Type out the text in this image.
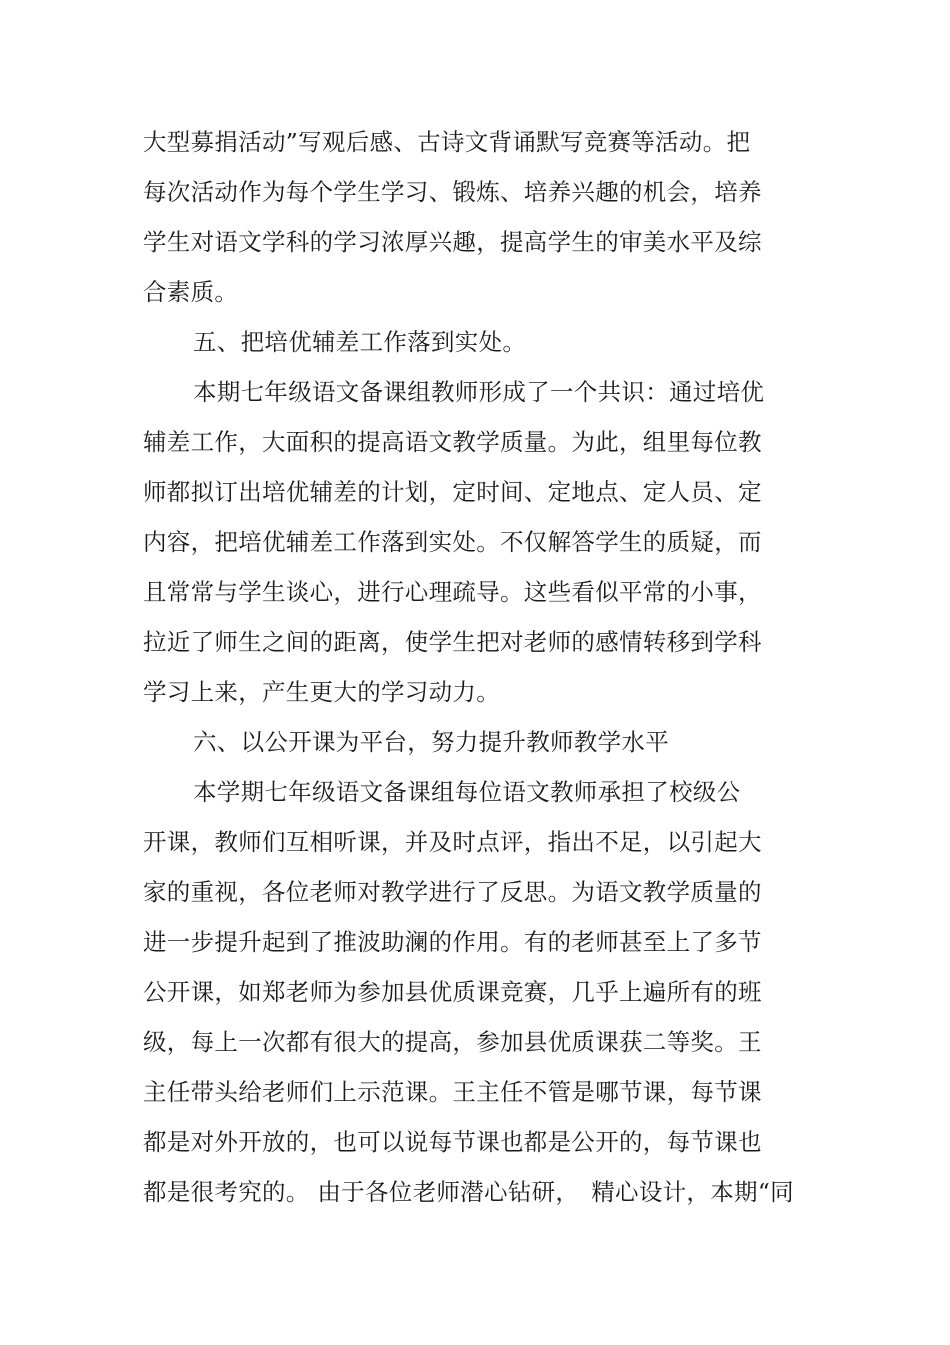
大型募捐活动”写观后感、古诗文背诵默写竞赛等活动。把
每次活动作为每个学生学习、锻炼、培养兴趣的机会，培养
学生对语文学科的学习浓厚兴趣，提高学生的审美水平及综
合素质。
五、把培优辅差工作落到实处。
本期七年级语文备课组教师形成了一个共识：通过培优
辅差工作，大面积的提高语文教学质量。为此，组里每位教
师都拟订出培优辅差的计划，定时间、定地点、定人员、定
内容，把培优辅差工作落到实处。不仅解答学生的质疑，而
且常常与学生谈心，进行心理疏导。这些看似平常的小事，
拉近了师生之间的距离，使学生把对老师的感情转移到学科
学习上来，产生更大的学习动力。
六、以公开课为平台，努力提升教师教学水平
本学期七年级语文备课组每位语文教师承担了校级公
开课，教师们互相听课，并及时点评，指出不足，以引起大
家的重视，各位老师对教学进行了反思。为语文教学质量的
进一步提升起到了推波助澜的作用。有的老师甚至上了多节
公开课，如郑老师为参加县优质课竞赛，几乎上遍所有的班
级，每上一次都有很大的提高，参加县优质课获二等奖。王
主任带头给老师们上示范课。王主任不管是哪节课，每节课
都是对外开放的，也可以说每节课也都是公开的，每节课也
都是很考究的。 由于各位老师潜心钻研，　精心设计，本期“同
